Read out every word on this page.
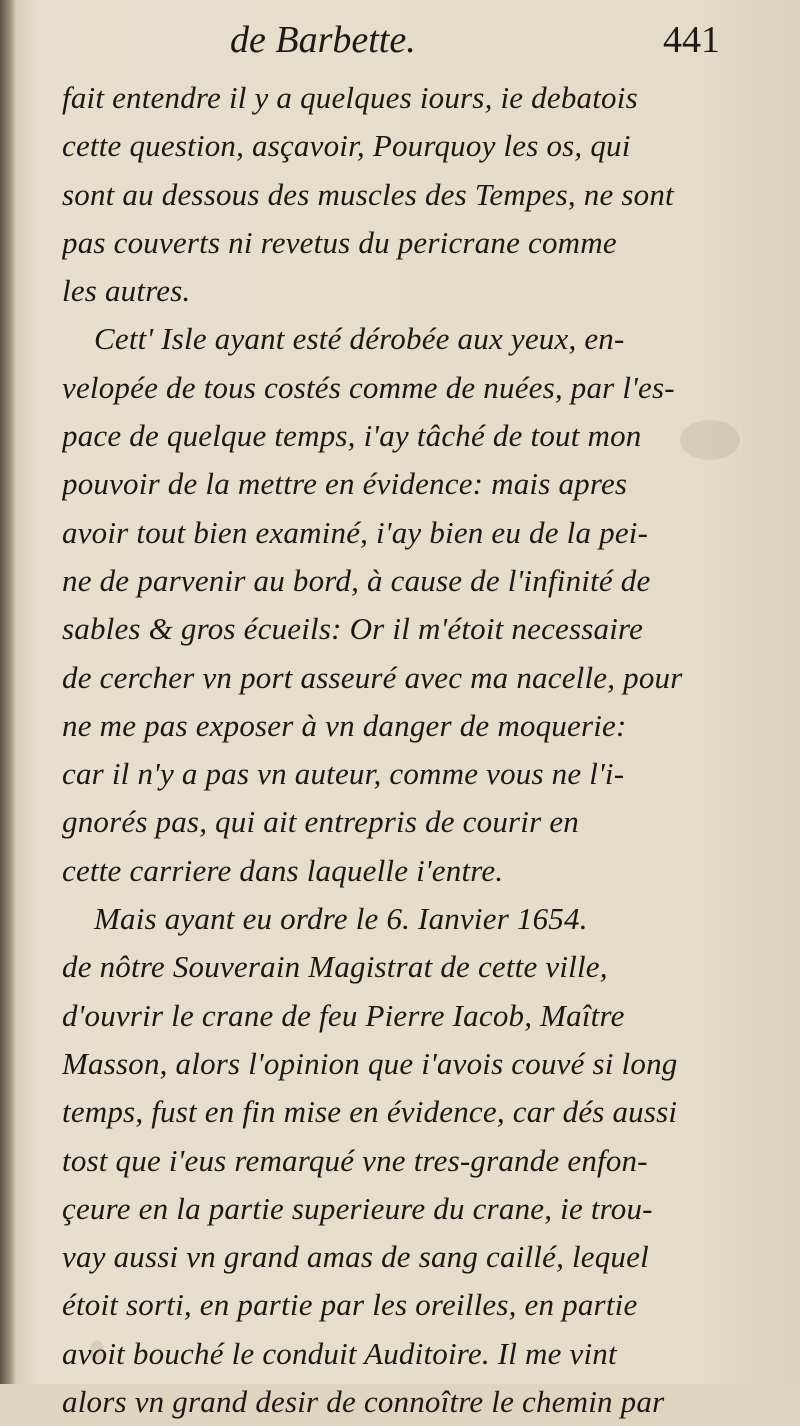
de Barbette.	441
fait entendre il y a quelques iours, ie debatois
cette question, asçavoir, Pourquoy les os, qui
sont au dessous des muscles des Tempes, ne sont
pas couverts ni revetus du pericrane comme
les autres.
Cett' Isle ayant esté dérobée aux yeux, en-
velopée de tous costés comme de nuées, par l'es-
pace de quelque temps, i'ay tâché de tout mon
pouvoir de la mettre en évidence: mais apres
avoir tout bien examiné, i'ay bien eu de la pei-
ne de parvenir au bord, à cause de l'infinité de
sables & gros écueils: Or il m'étoit necessaire
de cercher vn port asseuré avec ma nacelle, pour
ne me pas exposer à vn danger de moquerie:
car il n'y a pas vn auteur, comme vous ne l'i-
gnorés pas, qui ait entrepris de courir en
cette carriere dans laquelle i'entre.
Mais ayant eu ordre le 6. Ianvier 1654.
de nôtre Souverain Magistrat de cette ville,
d'ouvrir le crane de feu Pierre Iacob, Maître
Masson, alors l'opinion que i'avois couvé si long
temps, fust en fin mise en évidence, car dés aussi
tost que i'eus remarqué vne tres-grande enfon-
çeure en la partie superieure du crane, ie trou-
vay aussi vn grand amas de sang caillé, lequel
étoit sorti, en partie par les oreilles, en partie
avoit bouché le conduit Auditoire. Il me vint
alors vn grand desir de connoître le chemin par
